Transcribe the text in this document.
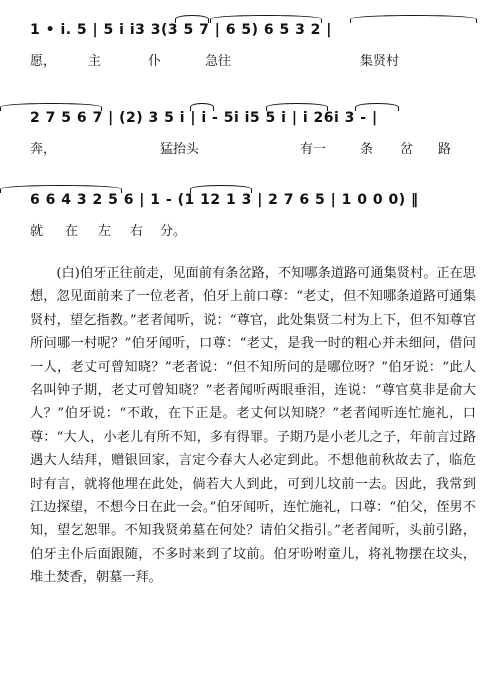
1 • i. 5 | 5 i i3 3(3 5 7 | 6 5) 6 5 3 2 |
愿， 主	仆	急往	集贤村
2 7 5 6 7 | (2) 3 5 i | i - 5i i5 5 i | i 26i 3 - |
奔，	猛抬头	有一	条 岔 路
6 6 4 3 2 5 6 | 1 - (1 12 1 3 | 2 7 6 5 | 1 0 0 0) ‖
就 在 左 右 分。

(白)伯牙正往前走，见面前有条岔路，不知哪条道路可通集贤村。正在思想，忽见面前来了一位老者，伯牙上前口尊：“老丈，但不知哪条道路可通集贤村，望乞指教。”老者闻听，说：“尊官，此处集贤二村为上下，但不知尊官所问哪一村呢？”伯牙闻听，口尊：“老丈，是我一时的粗心并未细问，借问一人，老丈可曾知晓？”老者说：“但不知所问的是哪位呀？”伯牙说：“此人名叫钟子期，老丈可曾知晓？”老者闻听两眼垂泪，连说：“尊官莫非是俞大人？”伯牙说：“不敢，在下正是。老丈何以知晓？”老者闻听连忙施礼，口尊：“大人，小老儿有所不知，多有得罪。子期乃是小老儿之子，年前言过路遇大人结拜，赠银回家，言定今春大人必定到此。不想他前秋故去了，临危时有言，就将他埋在此处，倘若大人到此，可到儿坟前一去。因此，我常到江边探望，不想今日在此一会。”伯牙闻听，连忙施礼，口尊：“伯父，侄男不知，望乞恕罪。不知我贤弟墓在何处？请伯父指引。”老者闻听，头前引路，伯牙主仆后面跟随，不多时来到了坟前。伯牙吩咐童儿，将礼物摆在坟头，堆土焚香，朝墓一拜。
